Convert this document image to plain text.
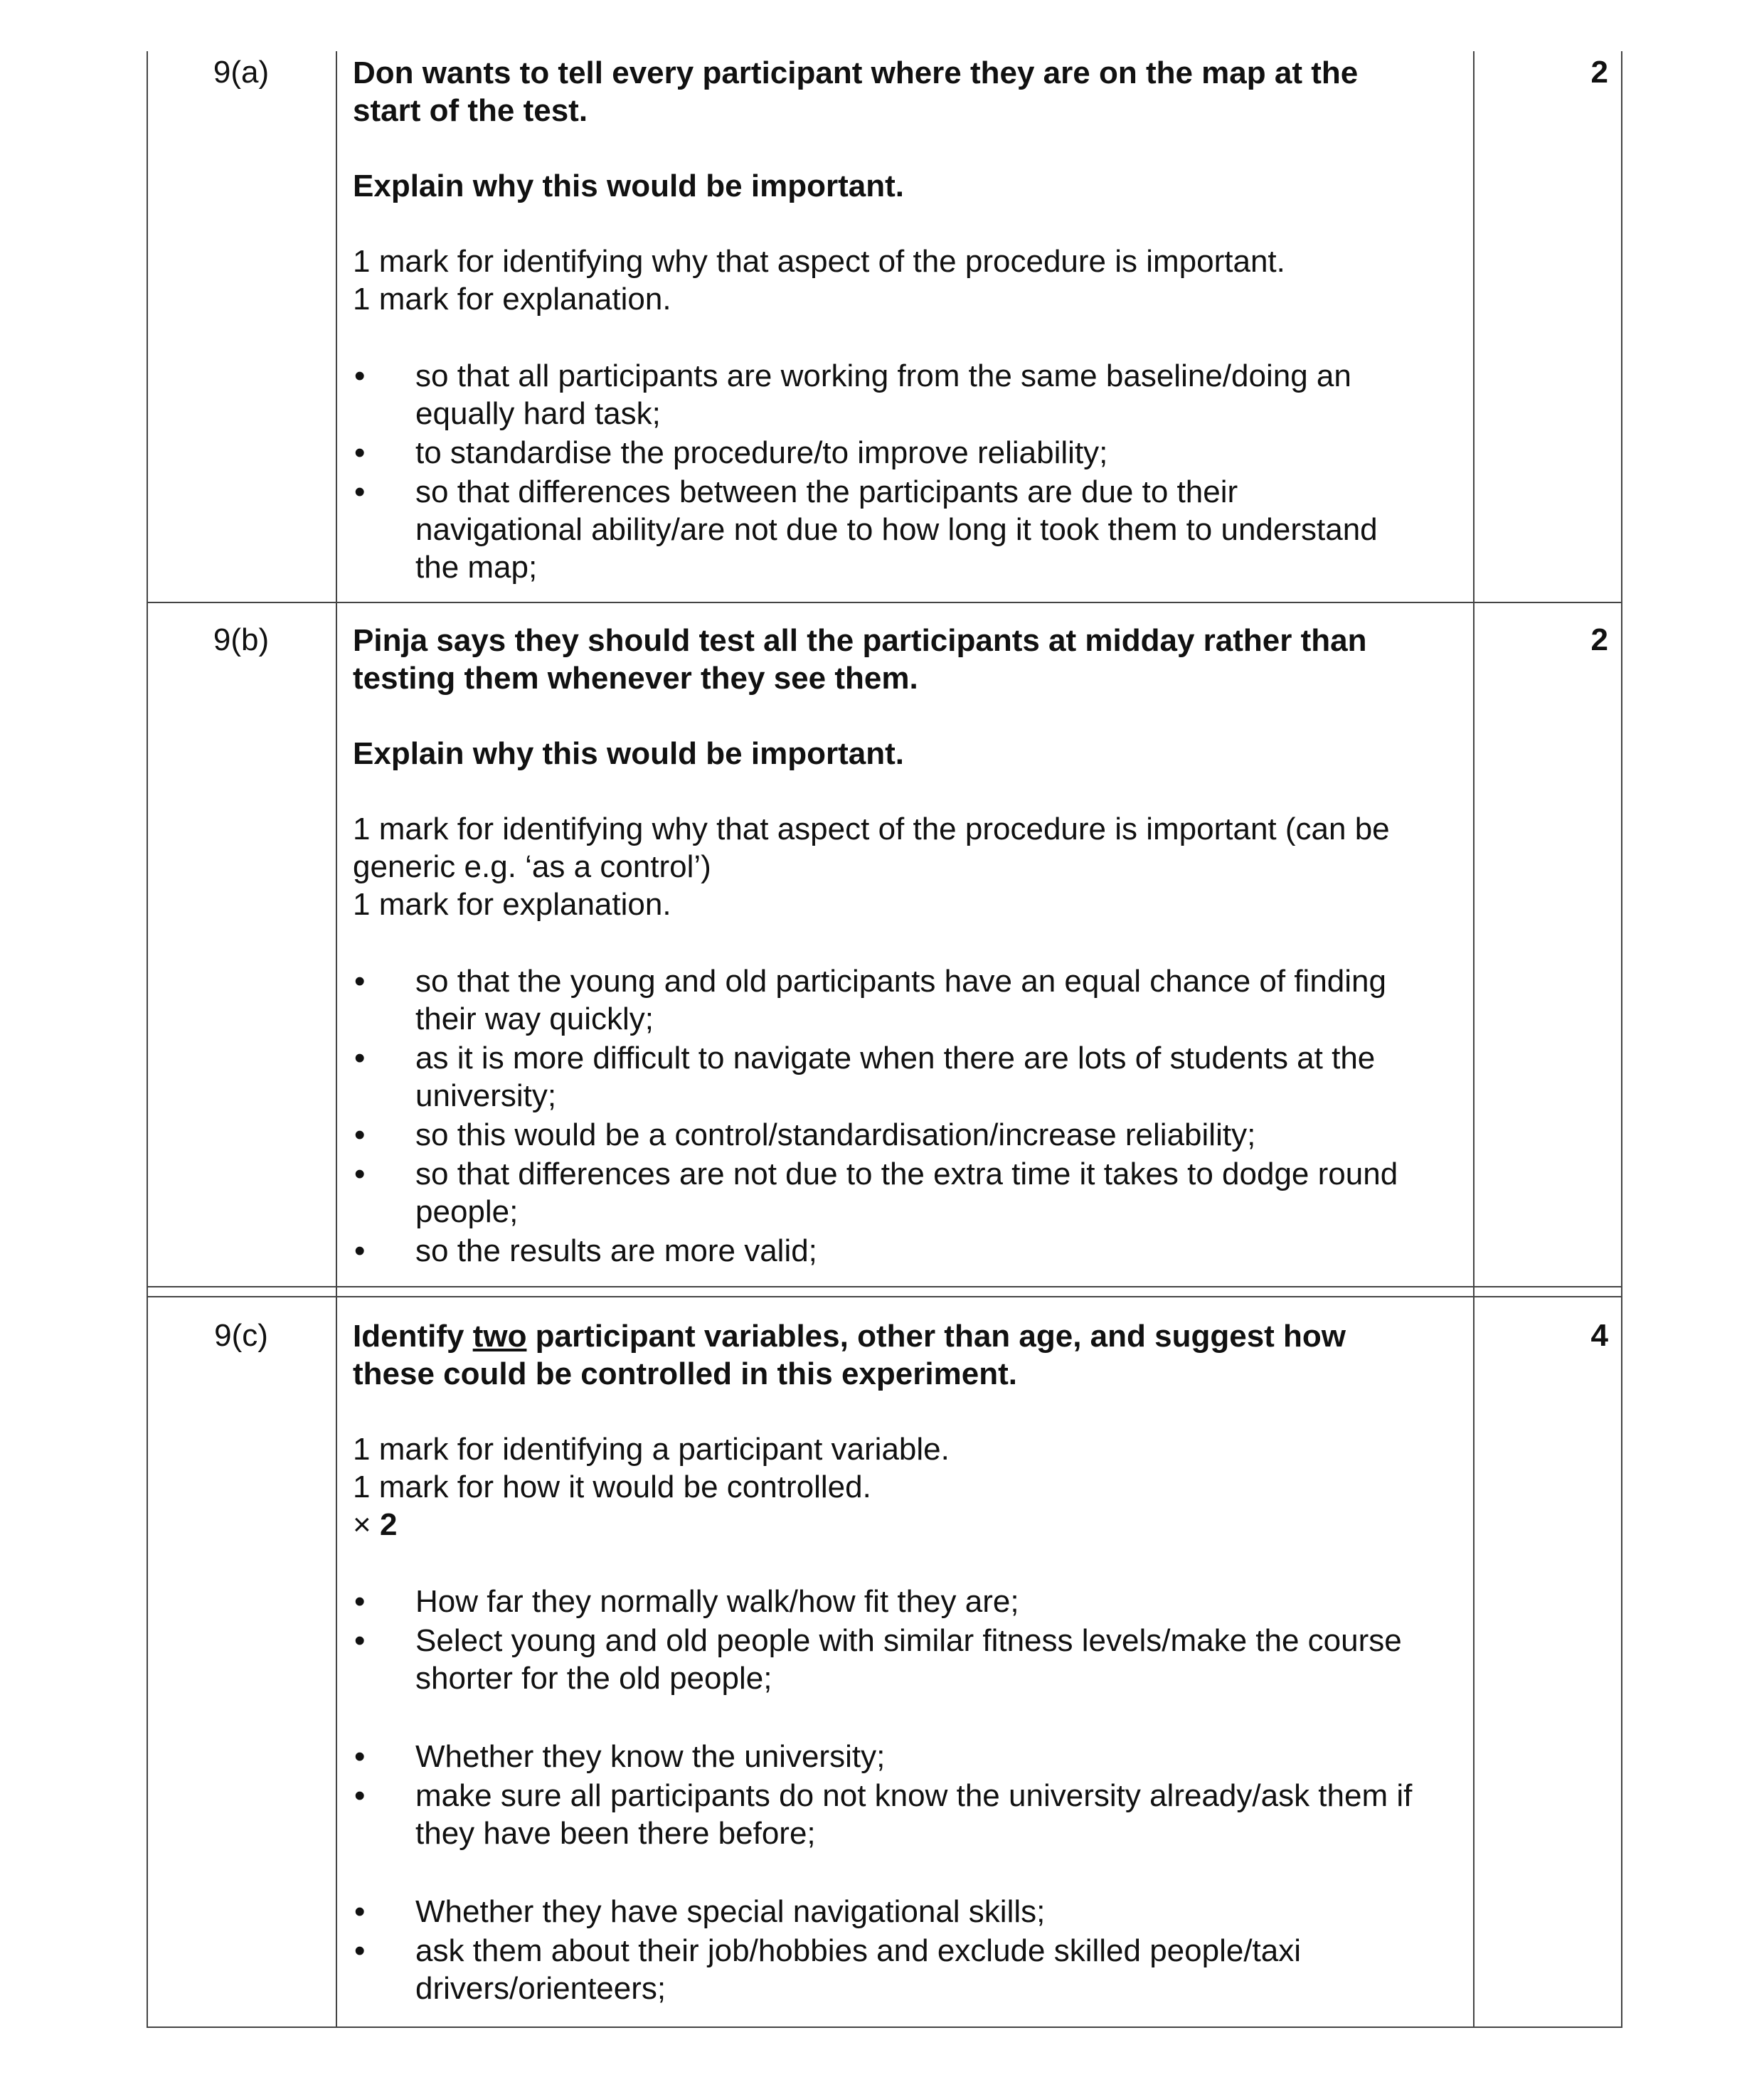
9(a)	2

Don wants to tell every participant where they are on the map at the
start of the test.

Explain why this would be important.

1 mark for identifying why that aspect of the procedure is important.
1 mark for explanation.

•	so that all participants are working from the same baseline/doing an
equally hard task;
•	to standardise the procedure/to improve reliability;
•	so that differences between the participants are due to their
navigational ability/are not due to how long it took them to understand
the map;
9(b)	2

Pinja says they should test all the participants at midday rather than
testing them whenever they see them.

Explain why this would be important.

1 mark for identifying why that aspect of the procedure is important (can be
generic e.g. ‘as a control’)
1 mark for explanation.

•	so that the young and old participants have an equal chance of finding
their way quickly;
•	as it is more difficult to navigate when there are lots of students at the
university;
•	so this would be a control/standardisation/increase reliability;
•	so that differences are not due to the extra time it takes to dodge round
people;
•	so the results are more valid;
9(c)	4

Identify two participant variables, other than age, and suggest how
these could be controlled in this experiment.

1 mark for identifying a participant variable.
1 mark for how it would be controlled.
× 2

•	How far they normally walk/how fit they are;
•	Select young and old people with similar fitness levels/make the course
shorter for the old people;
•	Whether they know the university;
•	make sure all participants do not know the university already/ask them if
they have been there before;
•	Whether they have special navigational skills;
•	ask them about their job/hobbies and exclude skilled people/taxi
drivers/orienteers;
